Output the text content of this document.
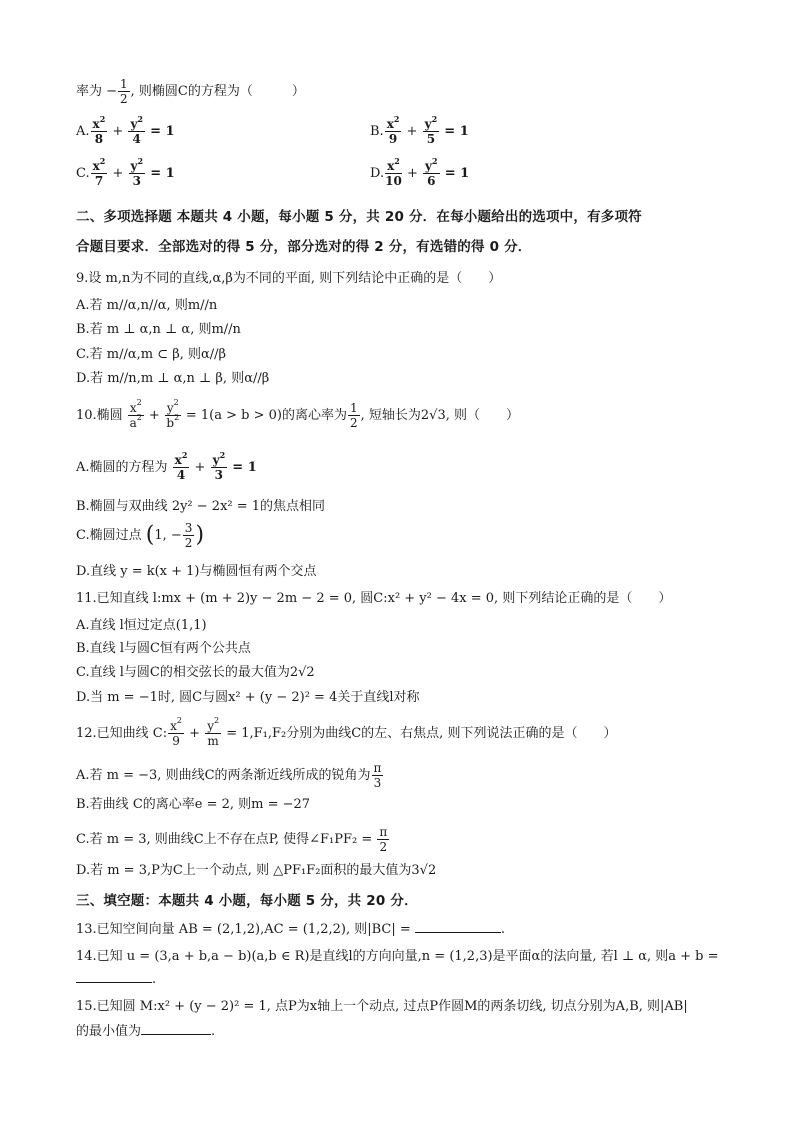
率为 − $\frac{1}{2}$ , 则椭圆C的方程为（　　　）
A. $\frac{x^2}{8} + \frac{y^2}{4} = 1$	B. $\frac{x^2}{9} + \frac{y^2}{5} = 1$
C. $\frac{x^2}{7} + \frac{y^2}{3} = 1$	D. $\frac{x^2}{10} + \frac{y^2}{6} = 1$
二、多项选择题 本题共 4 小题，每小题 5 分，共 20 分．在每小题给出的选项中，有多项符
合题目要求．全部选对的得 5 分，部分选对的得 2 分，有选错的得 0 分．
9.设 m,n为不同的直线,α,β为不同的平面, 则下列结论中正确的是（　　）
A.若 m//α,n//α, 则m//n
B.若 m ⊥ α,n ⊥ α, 则m//n
C.若 m//α,m ⊂ β, 则α//β
D.若 m//n,m ⊥ α,n ⊥ β, 则α//β
10.椭圆 $\frac{x^2}{a^2} + \frac{y^2}{b^2} = 1(a > b > 0)$的离心率为 $\frac{1}{2}$ , 短轴长为2√3, 则（　　）
A.椭圆的方程为 $\frac{x^2}{4} + \frac{y^2}{3} = 1$
B.椭圆与双曲线 2y² − 2x² = 1的焦点相同
C.椭圆过点 (1, − $\frac{3}{2}$ )
D.直线 y = k(x + 1)与椭圆恒有两个交点
11.已知直线 l:mx + (m + 2)y − 2m − 2 = 0, 圆C:x² + y² − 4x = 0, 则下列结论正确的是（　　）
A.直线 l恒过定点(1,1)
B.直线 l与圆C恒有两个公共点
C.直线 l与圆C的相交弦长的最大值为2√2
D.当 m = −1时, 圆C与圆x² + (y − 2)² = 4关于直线l对称
12.已知曲线 C: $\frac{x^2}{9} + \frac{y^2}{m} = 1,F_1,F_2$分别为曲线C的左、右焦点, 则下列说法正确的是（　　）
A.若 m = −3, 则曲线C的两条渐近线所成的锐角为 $\frac{\pi}{3}$
B.若曲线 C的离心率e = 2, 则m = −27
C.若 m = 3, 则曲线C上不存在点P, 使得∠F₁PF₂ = $\frac{\pi}{2}$
D.若 m = 3,P为C上一个动点, 则 △PF₁F₂面积的最大值为3√2
三、填空题：本题共 4 小题，每小题 5 分，共 20 分．
13.已知空间向量 AB = (2,1,2),AC = (1,2,2), 则|BC| =	.
14.已知 u = (3,a + b,a − b)(a,b ∈ R)是直线l的方向向量,n = (1,2,3)是平面α的法向量, 若l ⊥ α, 则a + b =
.
15.已知圆 M:x² + (y − 2)² = 1, 点P为x轴上一个动点, 过点P作圆M的两条切线, 切点分别为A,B, 则|AB|
的最小值为	.
